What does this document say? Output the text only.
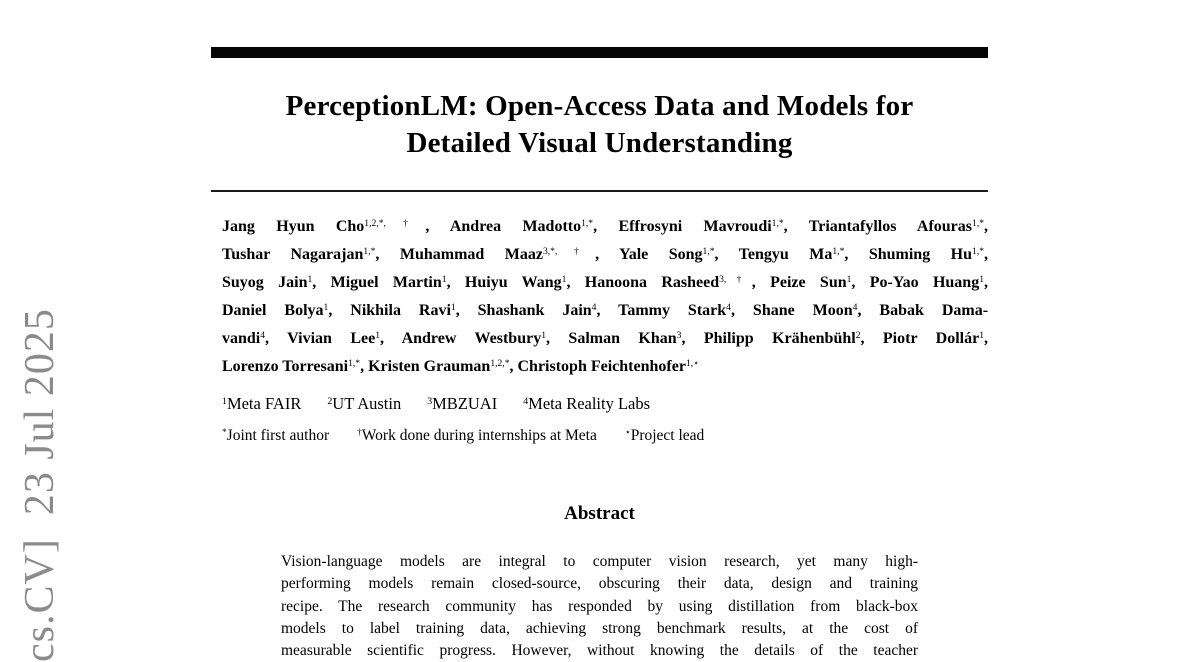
cs.CV]  23 Jul 2025
PerceptionLM: Open-Access Data and Models for
Detailed Visual Understanding
Jang Hyun Cho$^{1,2,*,\dagger}$, Andrea Madotto$^{1,*}$, Effrosyni Mavroudi$^{1,*}$, Triantafyllos Afouras$^{1,*}$,
Tushar Nagarajan$^{1,*}$, Muhammad Maaz$^{3,*,\dagger}$, Yale Song$^{1,*}$, Tengyu $Ma^{1,*}$, Shuming $Hu^{1,*}$,
Suyog Jain$^1$, Miguel Martin$^1$, Huiyu Wang$^1$, Hanoona Rasheed$^{3,\dagger}$, Peize Sun$^1$, Po-Yao Huang$^1$,
Daniel Bolya$^1$, Nikhila Ravi$^1$, Shashank Jain$^4$, Tammy Stark$^4$, Shane Moon$^4$, Babak Dama-
vandi$^4$, Vivian Lee$^1$, Andrew Westbury$^1$, Salman Khan$^3$, Philipp Krähenbühl$^2$, Piotr Dollár$^1$,
Lorenzo Torresani$^{1,*}$, Kristen Grauman$^{1,2,*}$, Christoph Feichtenhofer$^{1,⋆}$
$^1$Meta FAIR	$^2$UT Austin	$^3$MBZUAI	$^4$Meta Reality Labs
*Joint first author	†Work done during internships at Meta	⋆Project lead
Abstract
Vision-language models are integral to computer vision research, yet many high-
performing models remain closed-source, obscuring their data, design and training
recipe. The research community has responded by using distillation from black-box
models to label training data, achieving strong benchmark results, at the cost of
measurable scientific progress. However, without knowing the details of the teacher
